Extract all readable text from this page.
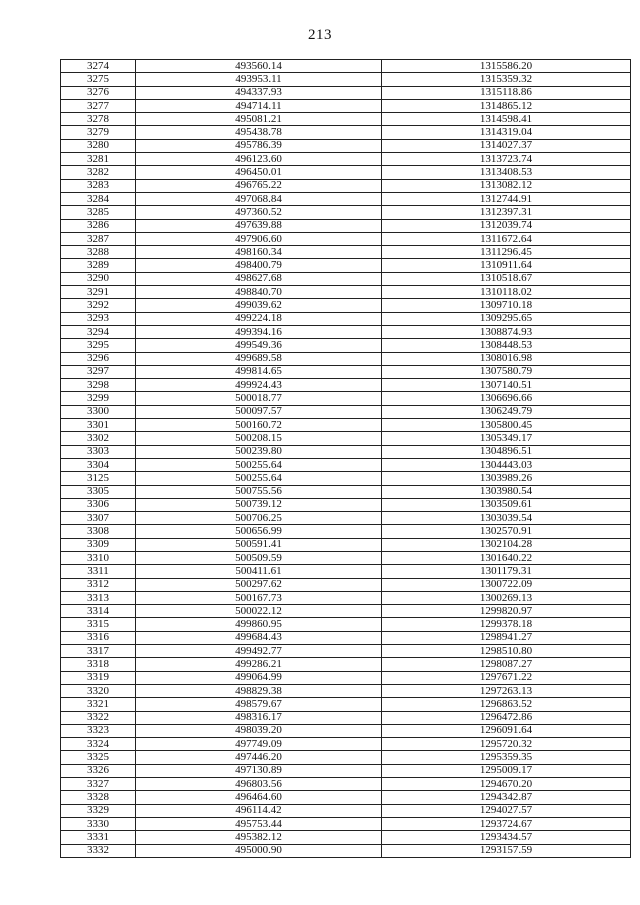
213
3274	493560.14	1315586.20
3275	493953.11	1315359.32
3276	494337.93	1315118.86
3277	494714.11	1314865.12
3278	495081.21	1314598.41
3279	495438.78	1314319.04
3280	495786.39	1314027.37
3281	496123.60	1313723.74
3282	496450.01	1313408.53
3283	496765.22	1313082.12
3284	497068.84	1312744.91
3285	497360.52	1312397.31
3286	497639.88	1312039.74
3287	497906.60	1311672.64
3288	498160.34	1311296.45
3289	498400.79	1310911.64
3290	498627.68	1310518.67
3291	498840.70	1310118.02
3292	499039.62	1309710.18
3293	499224.18	1309295.65
3294	499394.16	1308874.93
3295	499549.36	1308448.53
3296	499689.58	1308016.98
3297	499814.65	1307580.79
3298	499924.43	1307140.51
3299	500018.77	1306696.66
3300	500097.57	1306249.79
3301	500160.72	1305800.45
3302	500208.15	1305349.17
3303	500239.80	1304896.51
3304	500255.64	1304443.03
3125	500255.64	1303989.26
3305	500755.56	1303980.54
3306	500739.12	1303509.61
3307	500706.25	1303039.54
3308	500656.99	1302570.91
3309	500591.41	1302104.28
3310	500509.59	1301640.22
3311	500411.61	1301179.31
3312	500297.62	1300722.09
3313	500167.73	1300269.13
3314	500022.12	1299820.97
3315	499860.95	1299378.18
3316	499684.43	1298941.27
3317	499492.77	1298510.80
3318	499286.21	1298087.27
3319	499064.99	1297671.22
3320	498829.38	1297263.13
3321	498579.67	1296863.52
3322	498316.17	1296472.86
3323	498039.20	1296091.64
3324	497749.09	1295720.32
3325	497446.20	1295359.35
3326	497130.89	1295009.17
3327	496803.56	1294670.20
3328	496464.60	1294342.87
3329	496114.42	1294027.57
3330	495753.44	1293724.67
3331	495382.12	1293434.57
3332	495000.90	1293157.59
